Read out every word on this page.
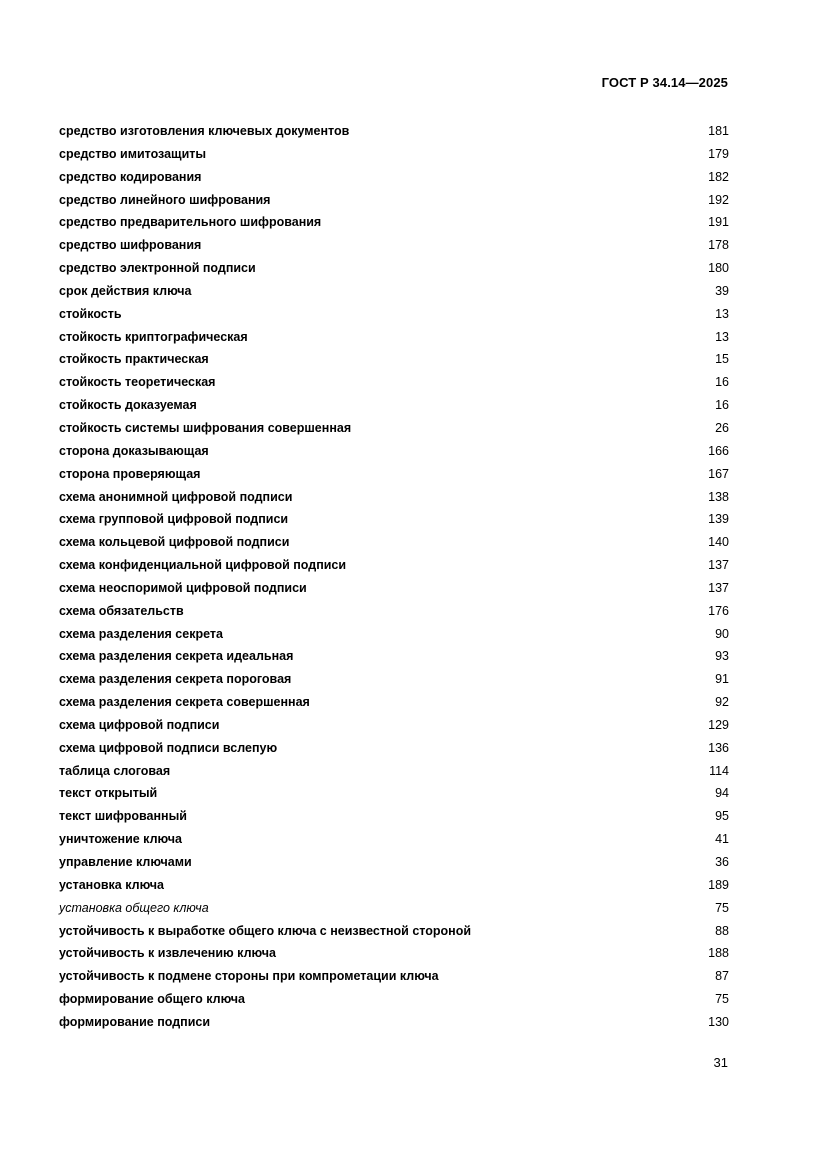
ГОСТ Р 34.14—2025
средство изготовления ключевых документов	181
средство имитозащиты	179
средство кодирования	182
средство линейного шифрования	192
средство предварительного шифрования	191
средство шифрования	178
средство электронной подписи	180
срок действия ключа	39
стойкость	13
стойкость криптографическая	13
стойкость практическая	15
стойкость теоретическая	16
стойкость доказуемая	16
стойкость системы шифрования совершенная	26
сторона доказывающая	166
сторона проверяющая	167
схема анонимной цифровой подписи	138
схема групповой цифровой подписи	139
схема кольцевой цифровой подписи	140
схема конфиденциальной цифровой подписи	137
схема неоспоримой цифровой подписи	137
схема обязательств	176
схема разделения секрета	90
схема разделения секрета идеальная	93
схема разделения секрета пороговая	91
схема разделения секрета совершенная	92
схема цифровой подписи	129
схема цифровой подписи вслепую	136
таблица слоговая	114
текст открытый	94
текст шифрованный	95
уничтожение ключа	41
управление ключами	36
установка ключа	189
установка общего ключа	75
устойчивость к выработке общего ключа с неизвестной стороной	88
устойчивость к извлечению ключа	188
устойчивость к подмене стороны при компрометации ключа	87
формирование общего ключа	75
формирование подписи	130
31
